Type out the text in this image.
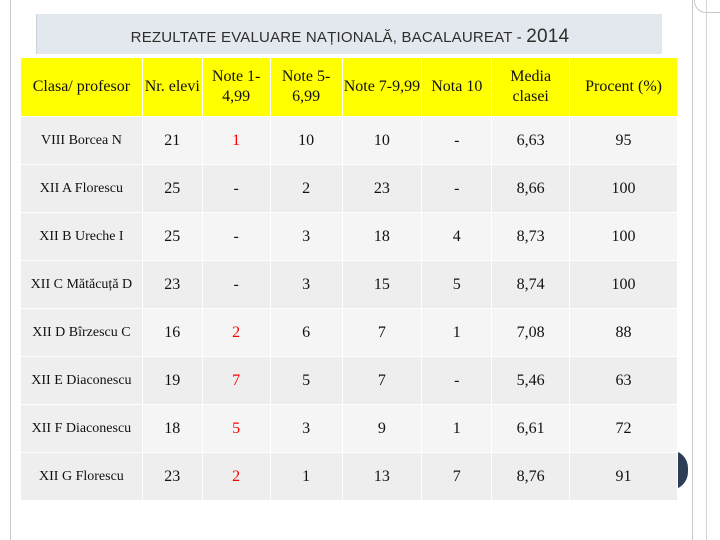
REZULTATE EVALUARE NAȚIONALĂ, BACALAUREAT - 2014
Clasa/ profesor	Nr. elevi	Note 1-4,99	Note 5-6,99	Note 7-9,99	Nota 10	Media clasei	Procent (%)
VIII Borcea N	21	1	10	10	-	6,63	95
XII A Florescu	25	-	2	23	-	8,66	100
XII B Ureche I	25	-	3	18	4	8,73	100
XII C Mătăcuță D	23	-	3	15	5	8,74	100
XII D Bîrzescu C	16	2	6	7	1	7,08	88
XII E Diaconescu	19	7	5	7	-	5,46	63
XII F Diaconescu	18	5	3	9	1	6,61	72
XII G Florescu	23	2	1	13	7	8,76	91
